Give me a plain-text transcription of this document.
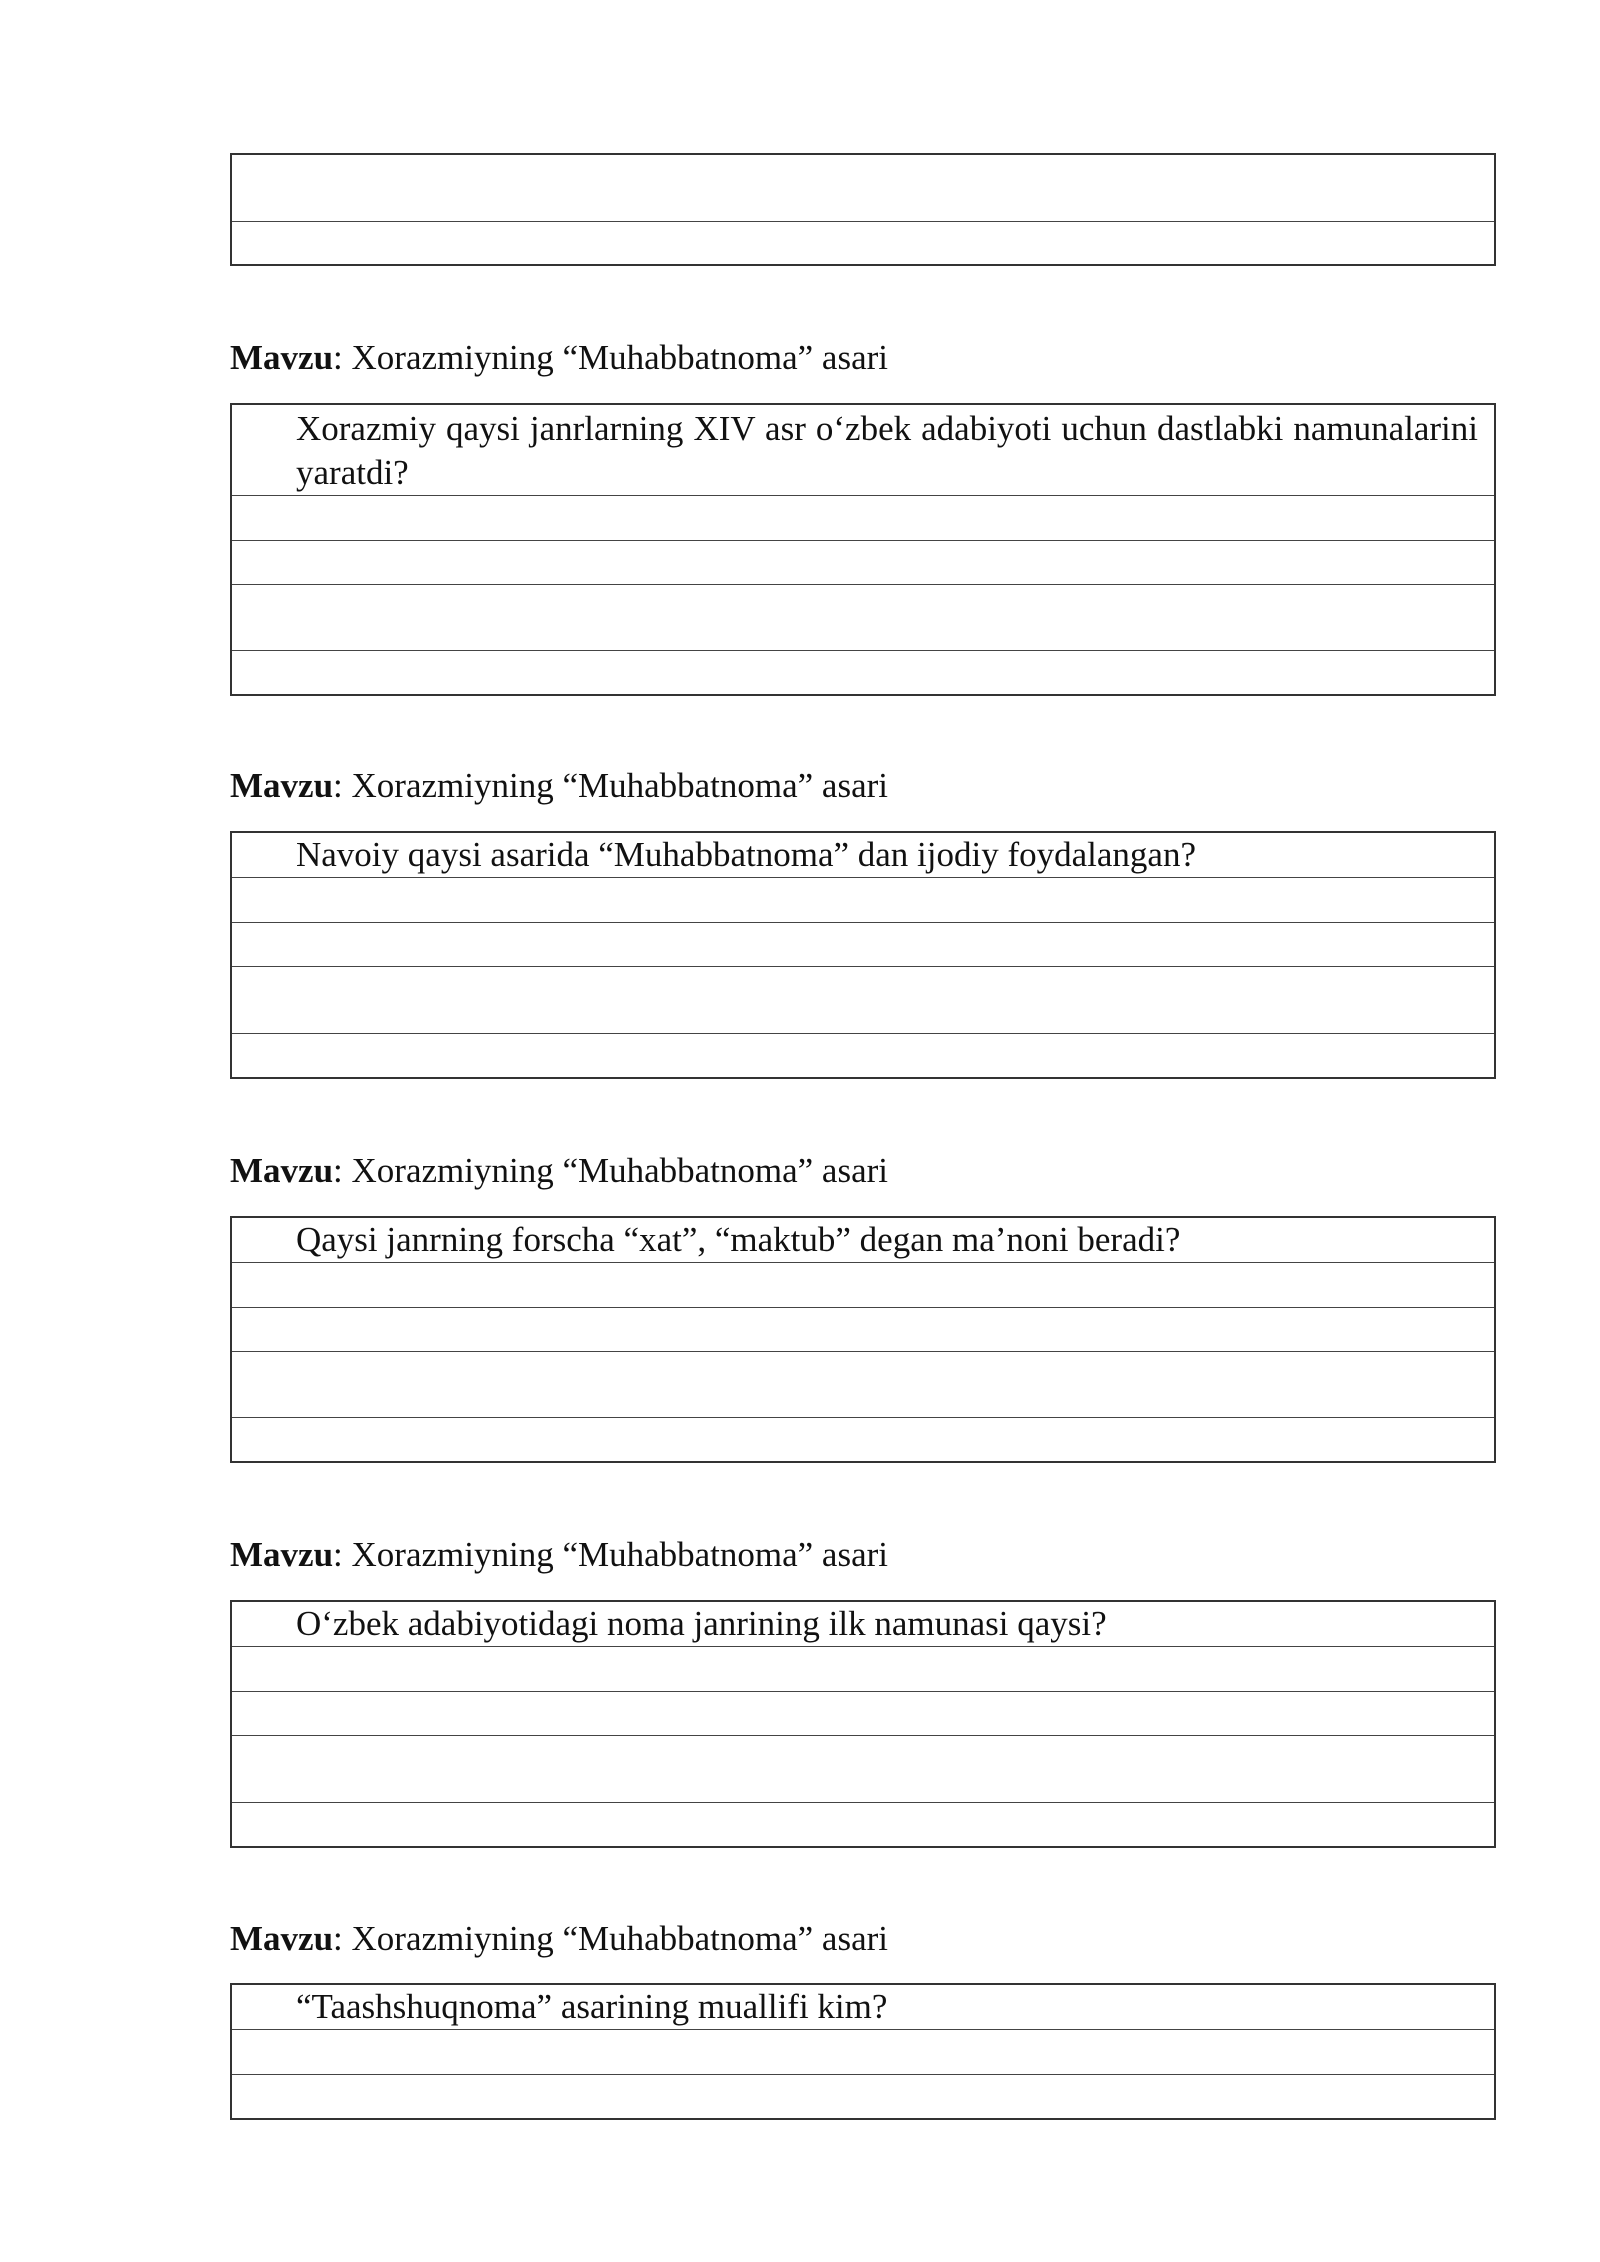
Mavzu: Xorazmiyning “Muhabbatnoma” asari
Xorazmiy qaysi janrlarning XIV asr o‘zbek adabiyoti uchun dastlabki namunalarini yaratdi?
Mavzu: Xorazmiyning “Muhabbatnoma” asari
Navoiy qaysi asarida “Muhabbatnoma” dan ijodiy foydalangan?
Mavzu: Xorazmiyning “Muhabbatnoma” asari
Qaysi janrning forscha “xat”, “maktub” degan ma’noni beradi?
Mavzu: Xorazmiyning “Muhabbatnoma” asari
O‘zbek adabiyotidagi noma janrining ilk namunasi qaysi?
Mavzu: Xorazmiyning “Muhabbatnoma” asari
“Taashshuqnoma” asarining muallifi kim?
